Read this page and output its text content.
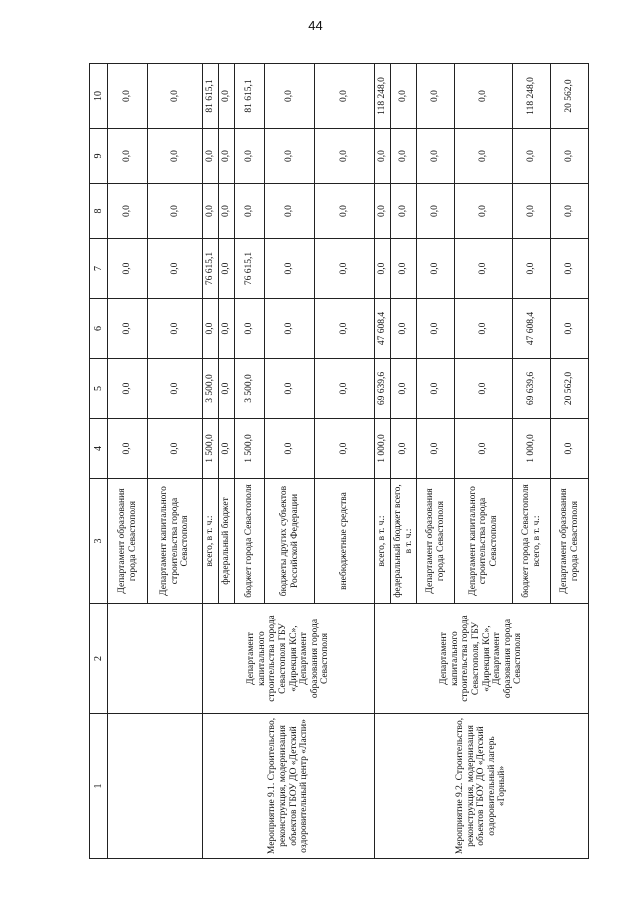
44
1	2	3	4	5	6	7	8	9	10
		Департамент образования города Севастополя	0,0	0,0	0,0	0,0	0,0	0,0	0,0
		Департамент капитального строительства города Севастополя	0,0	0,0	0,0	0,0	0,0	0,0	0,0
Мероприятие 9.1. Строительство, реконструкция, модернизация объектов ГБОУ ДО «Детский оздоровительный центр «Ласпи»	Департамент капитального строительства города Севастополя ГБУ «Дирекция КС», Департамент образования города Севастополя	всего, в т. ч.:	1 500,0	3 500,0	0,0	76 615,1	0,0	0,0	81 615,1
		федеральный бюджет	0,0	0,0	0,0	0,0	0,0	0,0	0,0
		бюджет города Севастополя	1 500,0	3 500,0	0,0	76 615,1	0,0	0,0	81 615,1
		бюджеты других субъектов Российской Федерации	0,0	0,0	0,0	0,0	0,0	0,0	0,0
		внебюджетные средства	0,0	0,0	0,0	0,0	0,0	0,0	0,0
Мероприятие 9.2. Строительство, реконструкция, модернизация объектов ГБОУ ДО «Детский оздоровительный лагерь «Горный»	Департамент капитального строительства города Севастополя, ГБУ «Дирекция КС», Департамент образования города Севастополя	всего, в т. ч.:	1 000,0	69 639,6	47 608,4	0,0	0,0	0,0	118 248,0
		федеральный бюджет всего, в т. ч.:	0,0	0,0	0,0	0,0	0,0	0,0	0,0
		Департамент образования города Севастополя	0,0	0,0	0,0	0,0	0,0	0,0	0,0
		Департамент капитального строительства города Севастополя	0,0	0,0	0,0	0,0	0,0	0,0	0,0
		бюджет города Севастополя всего, в т. ч.:	1 000,0	69 639,6	47 608,4	0,0	0,0	0,0	118 248,0
		Департамент образования города Севастополя	0,0	20 562,0	0,0	0,0	0,0	0,0	20 562,0
